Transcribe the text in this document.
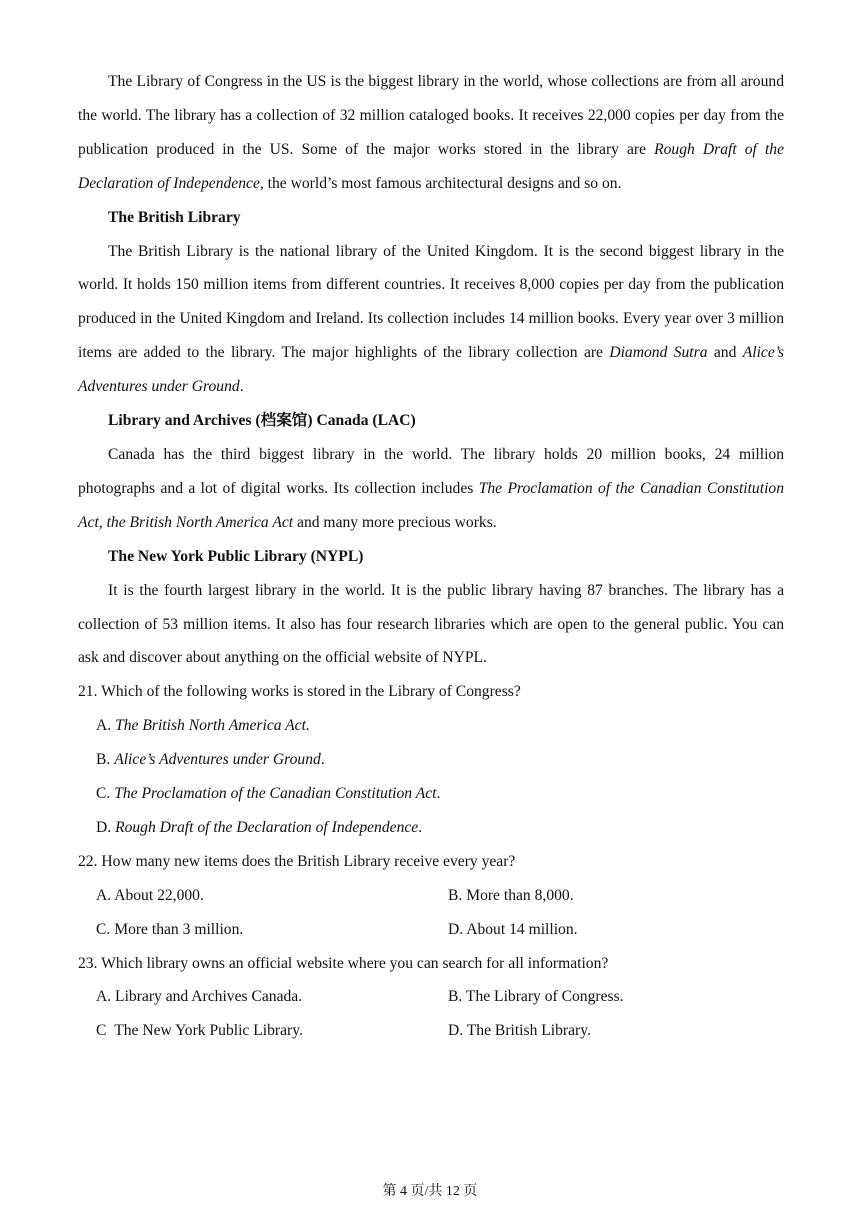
The Library of Congress in the US is the biggest library in the world, whose collections are from all around the world. The library has a collection of 32 million cataloged books. It receives 22,000 copies per day from the publication produced in the US. Some of the major works stored in the library are Rough Draft of the Declaration of Independence, the world’s most famous architectural designs and so on.

The British Library

The British Library is the national library of the United Kingdom. It is the second biggest library in the world. It holds 150 million items from different countries. It receives 8,000 copies per day from the publication produced in the United Kingdom and Ireland. Its collection includes 14 million books. Every year over 3 million items are added to the library. The major highlights of the library collection are Diamond Sutra and Alice’s Adventures under Ground.

Library and Archives (档案馆) Canada (LAC)

Canada has the third biggest library in the world. The library holds 20 million books, 24 million photographs and a lot of digital works. Its collection includes The Proclamation of the Canadian Constitution Act, the British North America Act and many more precious works.

The New York Public Library (NYPL)

It is the fourth largest library in the world. It is the public library having 87 branches. The library has a collection of 53 million items. It also has four research libraries which are open to the general public. You can ask and discover about anything on the official website of NYPL.

21. Which of the following works is stored in the Library of Congress?

A. The British North America Act.

B. Alice’s Adventures under Ground.

C. The Proclamation of the Canadian Constitution Act.

D. Rough Draft of the Declaration of Independence.

22. How many new items does the British Library receive every year?

A. About 22,000.	B. More than 8,000.
C. More than 3 million.	D. About 14 million.

23. Which library owns an official website where you can search for all information?

A. Library and Archives Canada.	B. The Library of Congress.
C  The New York Public Library.	D. The British Library.
第 4 页/共 12 页
